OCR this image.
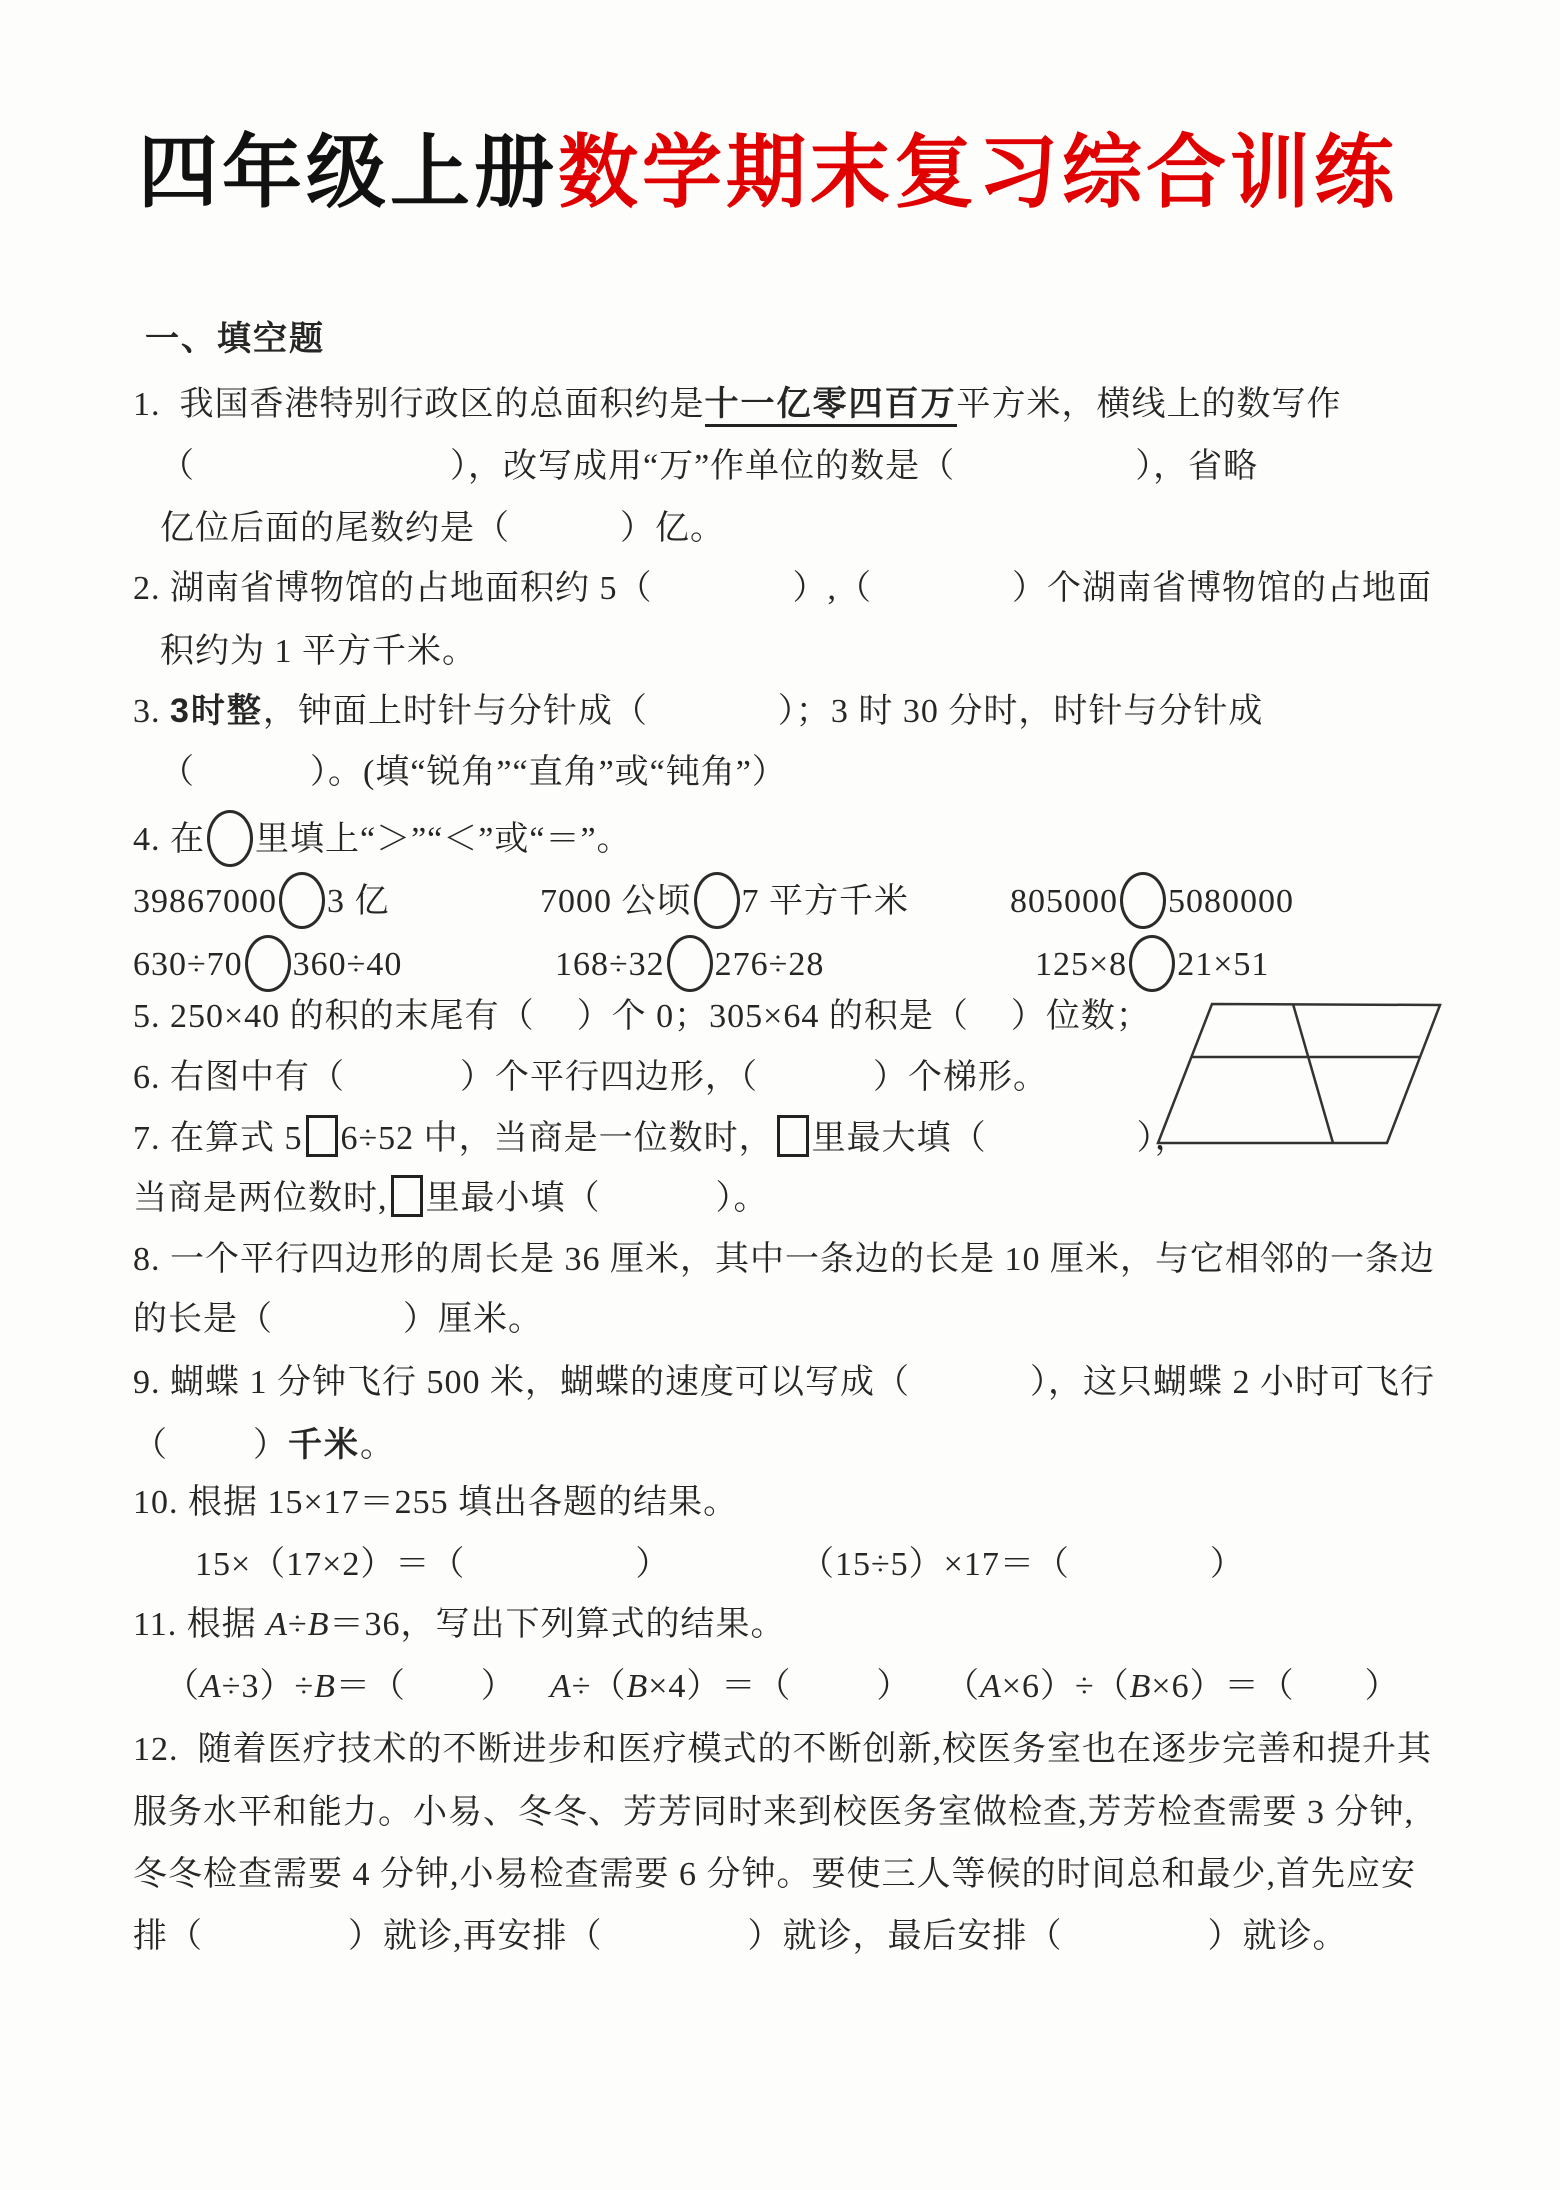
四年级上册数学期末复习综合训练
一、填空题
1.  我国香港特别行政区的总面积约是十一亿零四百万平方米，横线上的数写作
（	），改写成用“万”作单位的数是（	），省略
亿位后面的尾数约是（	）亿。
2. 湖南省博物馆的占地面积约 5（	）,（	）个湖南省博物馆的占地面
积约为 1 平方千米。
3. 3时整，钟面上时针与分针成（	）；3 时 30 分时，时针与分针成
（	）。(填“锐角”“直角”或“钝角”）
4. 在 里填上“＞”“＜”或“＝”。
39867000 3 亿	7000 公顷 7 平方千米	805000 5080000
630÷70 360÷40	168÷32 276÷28	125×8 21×51
5. 250×40 的积的末尾有（ ）个 0；305×64 的积是（ ）位数；
6. 右图中有（	）个平行四边形，（	）个梯形。
7. 在算式 5 6÷52 中，当商是一位数时， 里最大填（	），
当商是两位数时, 里最小填（	）。
8. 一个平行四边形的周长是 36 厘米，其中一条边的长是 10 厘米，与它相邻的一条边
的长是（	）厘米。
9. 蝴蝶 1 分钟飞行 500 米，蝴蝶的速度可以写成（	），这只蝴蝶 2 小时可飞行
（	）千米。
10. 根据 15×17＝255 填出各题的结果。
15×（17×2）＝（	）	（15÷5）×17＝（	）
11. 根据 A÷B＝36，写出下列算式的结果。
（A÷3）÷B＝（ ） A÷（B×4）＝（	） （A×6）÷（B×6）＝（ ）
12.  随着医疗技术的不断进步和医疗模式的不断创新,校医务室也在逐步完善和提升其
服务水平和能力。小易、冬冬、芳芳同时来到校医务室做检查,芳芳检查需要 3 分钟,
冬冬检查需要 4 分钟,小易检查需要 6 分钟。要使三人等候的时间总和最少,首先应安
排（	）就诊,再安排（	）就诊，最后安排（	）就诊。
